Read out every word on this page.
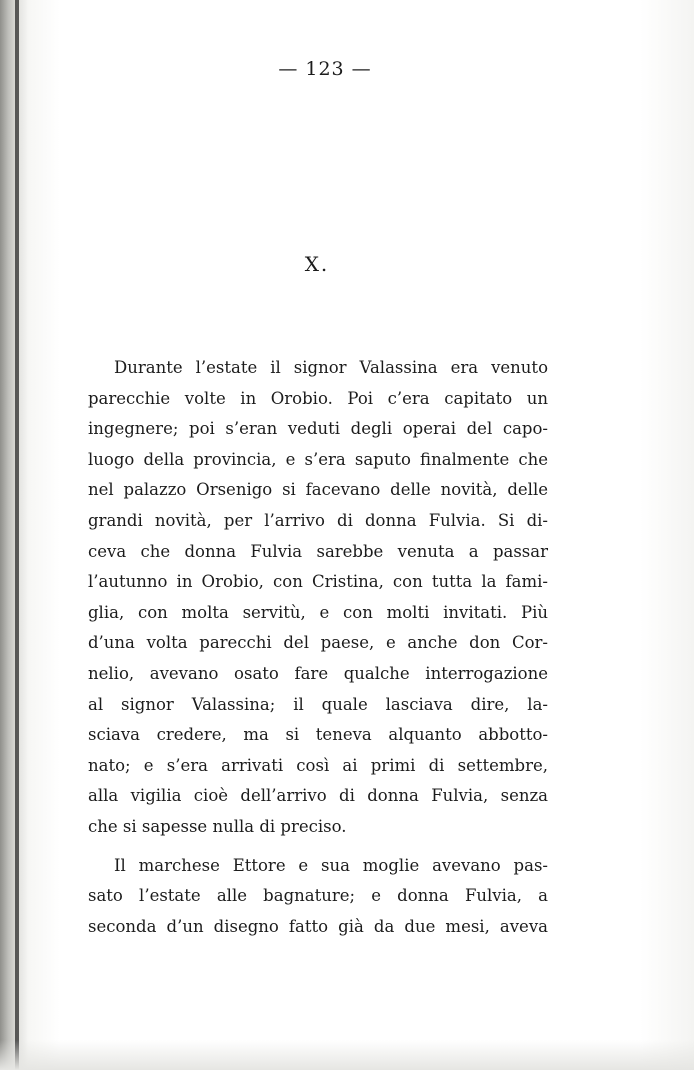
— 123 —
X.
Durante l’estate il signor Valassina era venuto
parecchie volte in Orobio. Poi c’era capitato un
ingegnere; poi s’eran veduti degli operai del capo-
luogo della provincia, e s’era saputo finalmente che
nel palazzo Orsenigo si facevano delle novità, delle
grandi novità, per l’arrivo di donna Fulvia. Si di-
ceva che donna Fulvia sarebbe venuta a passar
l’autunno in Orobio, con Cristina, con tutta la fami-
glia, con molta servitù, e con molti invitati. Più
d’una volta parecchi del paese, e anche don Cor-
nelio, avevano osato fare qualche interrogazione
al signor Valassina; il quale lasciava dire, la-
sciava credere, ma si teneva alquanto abbotto-
nato; e s’era arrivati così ai primi di settembre,
alla vigilia cioè dell’arrivo di donna Fulvia, senza
che si sapesse nulla di preciso.
Il marchese Ettore e sua moglie avevano pas-
sato l’estate alle bagnature; e donna Fulvia, a
seconda d’un disegno fatto già da due mesi, aveva
